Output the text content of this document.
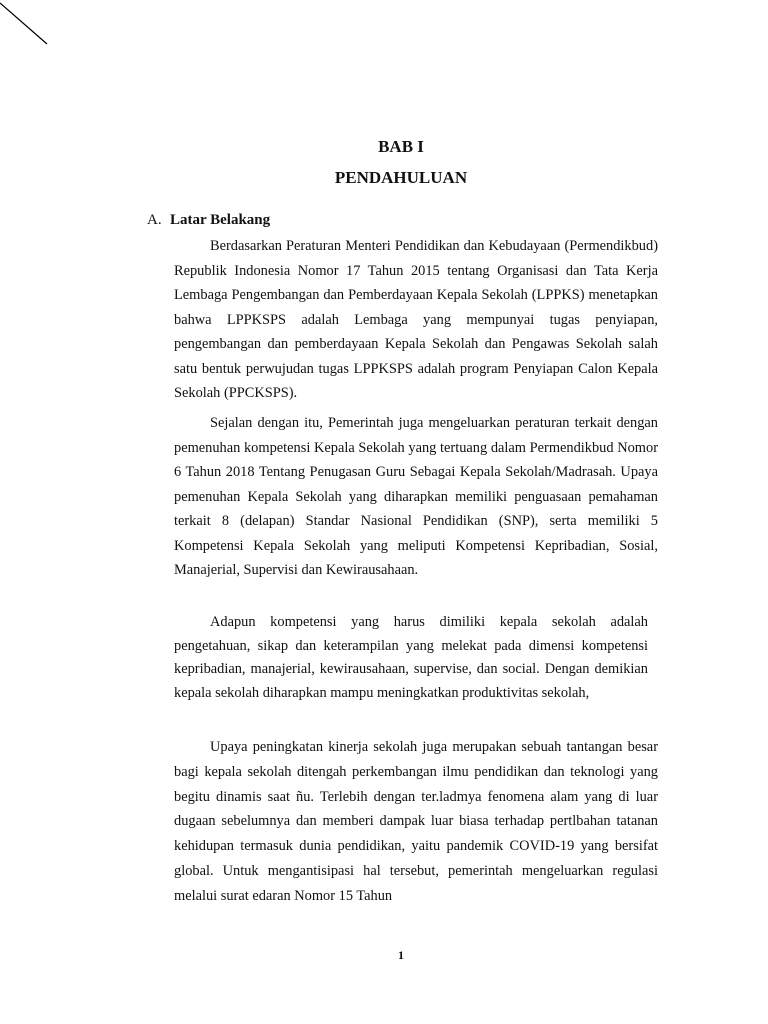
BAB I
PENDAHULUAN
A. Latar Belakang

Berdasarkan Peraturan Menteri Pendidikan dan Kebudayaan (Permendikbud) Republik Indonesia Nomor 17 Tahun 2015 tentang Organisasi dan Tata Kerja Lembaga Pengembangan dan Pemberdayaan Kepala Sekolah (LPPKS) menetapkan bahwa LPPKSPS adalah Lembaga yang mempunyai tugas penyiapan, pengembangan dan pemberdayaan Kepala Sekolah dan Pengawas Sekolah salah satu bentuk perwujudan tugas LPPKSPS adalah program Penyiapan Calon Kepala Sekolah (PPCKSPS).

Sejalan dengan itu, Pemerintah juga mengeluarkan peraturan terkait dengan pemenuhan kompetensi Kepala Sekolah yang tertuang dalam Permendikbud Nomor 6 Tahun 2018 Tentang Penugasan Guru Sebagai Kepala Sekolah/Madrasah. Upaya pemenuhan Kepala Sekolah yang diharapkan memiliki penguasaan pemahaman terkait 8 (delapan) Standar Nasional Pendidikan (SNP), serta memiliki 5 Kompetensi Kepala Sekolah yang meliputi Kompetensi Kepribadian, Sosial, Manajerial, Supervisi dan Kewirausahaan.

Adapun kompetensi yang harus dimiliki kepala sekolah adalah pengetahuan, sikap dan keterampilan yang melekat pada dimensi kompetensi kepribadian, manajerial, kewirausahaan, supervise, dan social. Dengan demikian kepala sekolah diharapkan mampu meningkatkan produktivitas sekolah,

Upaya peningkatan kinerja sekolah juga merupakan sebuah tantangan besar bagi kepala sekolah ditengah perkembangan ilmu pendidikan dan teknologi yang begitu dinamis saat ñu. Terlebih dengan ter.ladmya fenomena alam yang di luar dugaan sebelumnya dan memberi dampak luar biasa terhadap pertlbahan tatanan kehidupan termasuk dunia pendidikan, yaitu pandemik COVID-19 yang bersifat global. Untuk mengantisipasi hal tersebut, pemerintah mengeluarkan regulasi melalui surat edaran Nomor 15 Tahun

1
